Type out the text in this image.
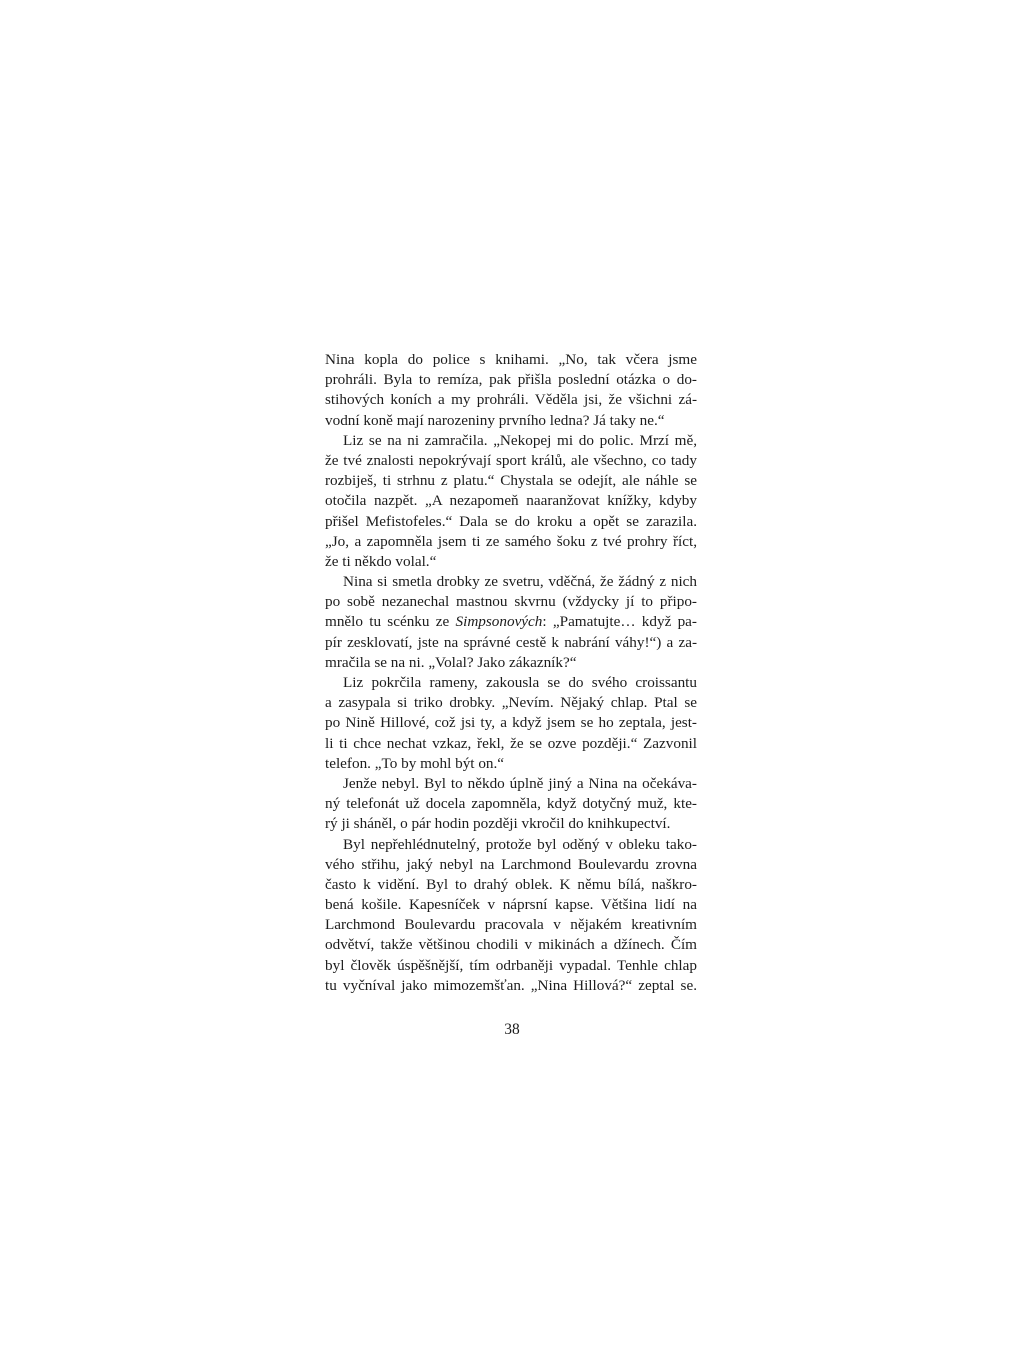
Nina kopla do police s knihami. „No, tak včera jsme
prohráli. Byla to remíza, pak přišla poslední otázka o do-
stihových koních a my prohráli. Věděla jsi, že všichni zá-
vodní koně mají narozeniny prvního ledna? Já taky ne.“
Liz se na ni zamračila. „Nekopej mi do polic. Mrzí mě,
že tvé znalosti nepokrývají sport králů, ale všechno, co tady
rozbiješ, ti strhnu z platu.“ Chystala se odejít, ale náhle se
otočila nazpět. „A nezapomeň naaranžovat knížky, kdyby
přišel Mefistofeles.“ Dala se do kroku a opět se zarazila.
„Jo, a zapomněla jsem ti ze samého šoku z tvé prohry říct,
že ti někdo volal.“
Nina si smetla drobky ze svetru, vděčná, že žádný z nich
po sobě nezanechal mastnou skvrnu (vždycky jí to připo-
mnělo tu scénku ze Simpsonových: „Pamatujte… když pa-
pír zesklovatí, jste na správné cestě k nabrání váhy!“) a za-
mračila se na ni. „Volal? Jako zákazník?“
Liz pokrčila rameny, zakousla se do svého croissantu
a zasypala si triko drobky. „Nevím. Nějaký chlap. Ptal se
po Nině Hillové, což jsi ty, a když jsem se ho zeptala, jest-
li ti chce nechat vzkaz, řekl, že se ozve později.“ Zazvonil
telefon. „To by mohl být on.“
Jenže nebyl. Byl to někdo úplně jiný a Nina na očekáva-
ný telefonát už docela zapomněla, když dotyčný muž, kte-
rý ji sháněl, o pár hodin později vkročil do knihkupectví.
Byl nepřehlédnutelný, protože byl oděný v obleku tako-
vého střihu, jaký nebyl na Larchmond Boulevardu zrovna
často k vidění. Byl to drahý oblek. K němu bílá, naškro-
bená košile. Kapesníček v náprsní kapse. Většina lidí na
Larchmond Boulevardu pracovala v nějakém kreativním
odvětví, takže většinou chodili v mikinách a džínech. Čím
byl člověk úspěšnější, tím odrbaněji vypadal. Tenhle chlap
tu vyčníval jako mimozemšťan. „Nina Hillová?“ zeptal se.
38
